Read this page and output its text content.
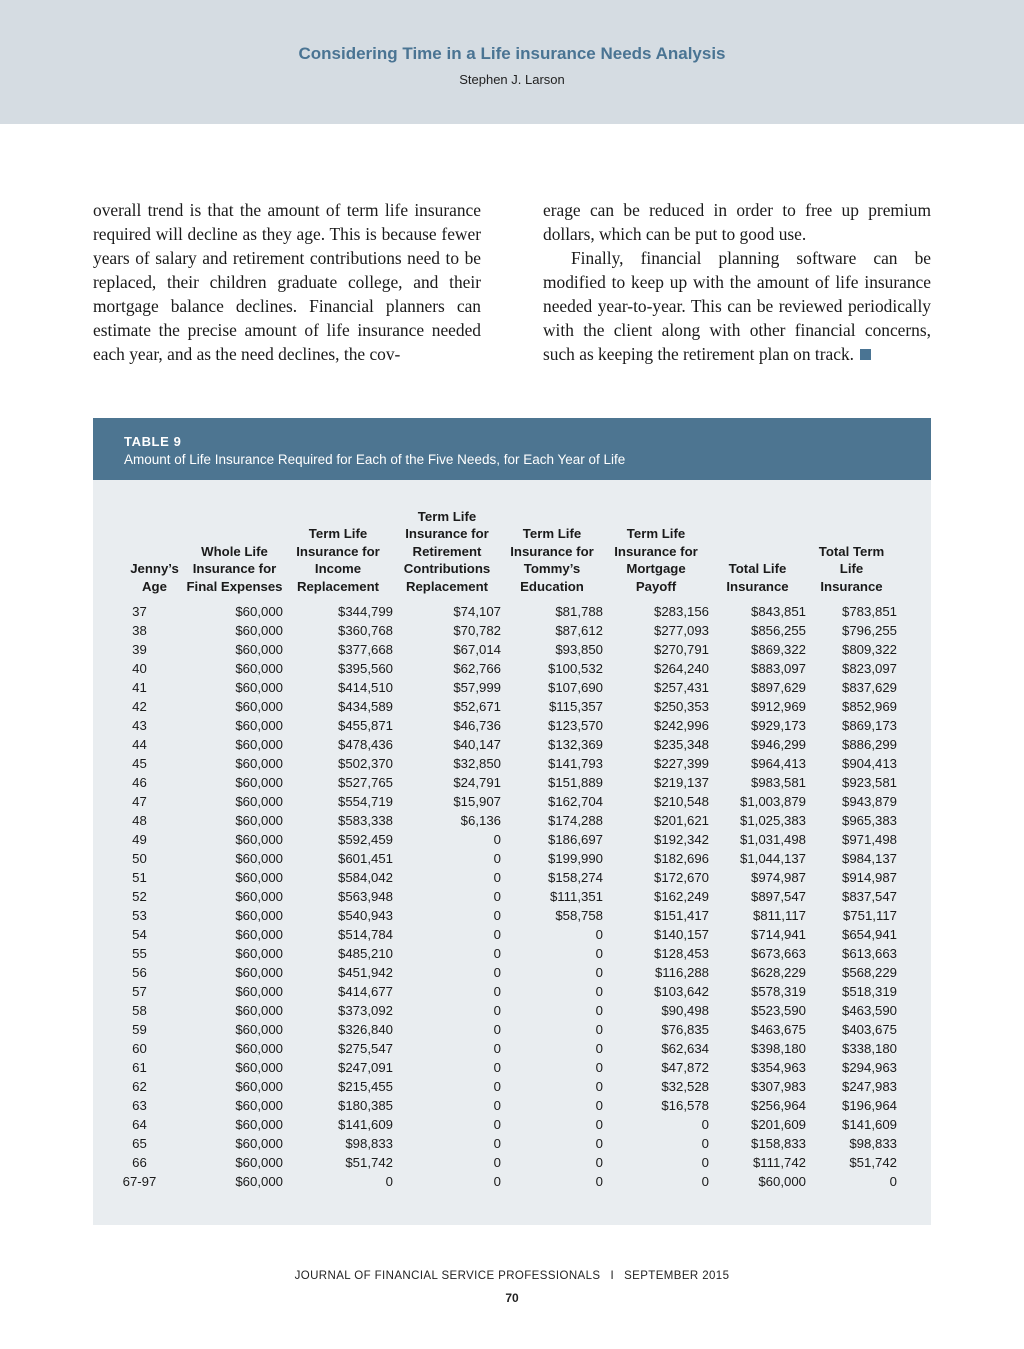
Considering Time in a Life insurance Needs Analysis
Stephen J. Larson

overall trend is that the amount of term life insurance required will decline as they age. This is because fewer years of salary and retirement contributions need to be replaced, their children graduate college, and their mortgage balance declines. Financial planners can estimate the precise amount of life insurance needed each year, and as the need declines, the cov-

erage can be reduced in order to free up premium dollars, which can be put to good use.

Finally, financial planning software can be modified to keep up with the amount of life insurance needed year-to-year. This can be reviewed periodically with the client along with other financial concerns, such as keeping the retirement plan on track.

TABLE 9
Amount of Life Insurance Required for Each of the Five Needs, for Each Year of Life
Jenny’s
Age	Whole Life
Insurance for
Final Expenses	Term Life
Insurance for
Income
Replacement	Term Life
Insurance for
Retirement
Contributions
Replacement	Term Life
Insurance for
Tommy’s
Education	Term Life
Insurance for
Mortgage
Payoff	Total Life
Insurance	Total Term
Life
Insurance	
37	$60,000	$344,799	$74,107	$81,788	$283,156	$843,851	$783,851	
38	$60,000	$360,768	$70,782	$87,612	$277,093	$856,255	$796,255	
39	$60,000	$377,668	$67,014	$93,850	$270,791	$869,322	$809,322	
40	$60,000	$395,560	$62,766	$100,532	$264,240	$883,097	$823,097	
41	$60,000	$414,510	$57,999	$107,690	$257,431	$897,629	$837,629	
42	$60,000	$434,589	$52,671	$115,357	$250,353	$912,969	$852,969	
43	$60,000	$455,871	$46,736	$123,570	$242,996	$929,173	$869,173	
44	$60,000	$478,436	$40,147	$132,369	$235,348	$946,299	$886,299	
45	$60,000	$502,370	$32,850	$141,793	$227,399	$964,413	$904,413	
46	$60,000	$527,765	$24,791	$151,889	$219,137	$983,581	$923,581	
47	$60,000	$554,719	$15,907	$162,704	$210,548	$1,003,879	$943,879	
48	$60,000	$583,338	$6,136	$174,288	$201,621	$1,025,383	$965,383	
49	$60,000	$592,459	0	$186,697	$192,342	$1,031,498	$971,498	
50	$60,000	$601,451	0	$199,990	$182,696	$1,044,137	$984,137	
51	$60,000	$584,042	0	$158,274	$172,670	$974,987	$914,987	
52	$60,000	$563,948	0	$111,351	$162,249	$897,547	$837,547	
53	$60,000	$540,943	0	$58,758	$151,417	$811,117	$751,117	
54	$60,000	$514,784	0	0	$140,157	$714,941	$654,941	
55	$60,000	$485,210	0	0	$128,453	$673,663	$613,663	
56	$60,000	$451,942	0	0	$116,288	$628,229	$568,229	
57	$60,000	$414,677	0	0	$103,642	$578,319	$518,319	
58	$60,000	$373,092	0	0	$90,498	$523,590	$463,590	
59	$60,000	$326,840	0	0	$76,835	$463,675	$403,675	
60	$60,000	$275,547	0	0	$62,634	$398,180	$338,180	
61	$60,000	$247,091	0	0	$47,872	$354,963	$294,963	
62	$60,000	$215,455	0	0	$32,528	$307,983	$247,983	
63	$60,000	$180,385	0	0	$16,578	$256,964	$196,964	
64	$60,000	$141,609	0	0	0	$201,609	$141,609	
65	$60,000	$98,833	0	0	0	$158,833	$98,833	
66	$60,000	$51,742	0	0	0	$111,742	$51,742	
67-97	$60,000	0	0	0	0	$60,000	0	
JOURNAL OF FINANCIAL SERVICE PROFESSIONALS I SEPTEMBER 2015
70
